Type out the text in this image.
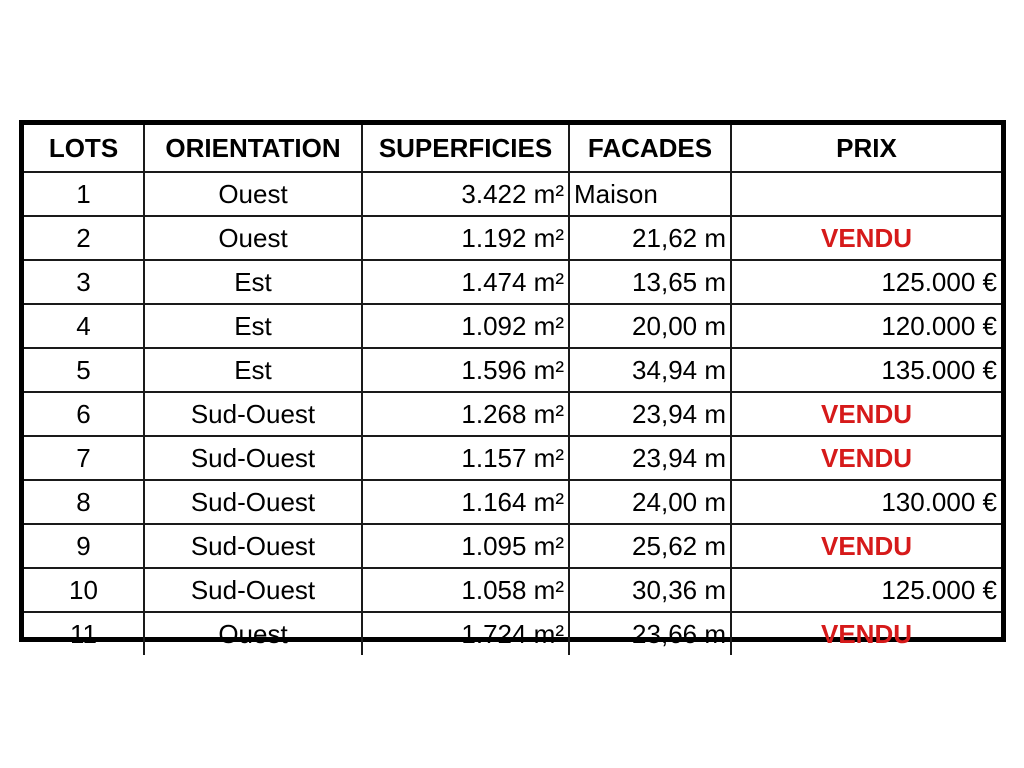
LOTS	ORIENTATION	SUPERFICIES	FACADES	PRIX
1	Ouest	3.422 m²	Maison	
2	Ouest	1.192 m²	21,62 m	VENDU
3	Est	1.474 m²	13,65 m	125.000 €
4	Est	1.092 m²	20,00 m	120.000 €
5	Est	1.596 m²	34,94 m	135.000 €
6	Sud-Ouest	1.268 m²	23,94 m	VENDU
7	Sud-Ouest	1.157 m²	23,94 m	VENDU
8	Sud-Ouest	1.164 m²	24,00 m	130.000 €
9	Sud-Ouest	1.095 m²	25,62 m	VENDU
10	Sud-Ouest	1.058 m²	30,36 m	125.000 €
11	Ouest	1.724 m²	23,66 m	VENDU
